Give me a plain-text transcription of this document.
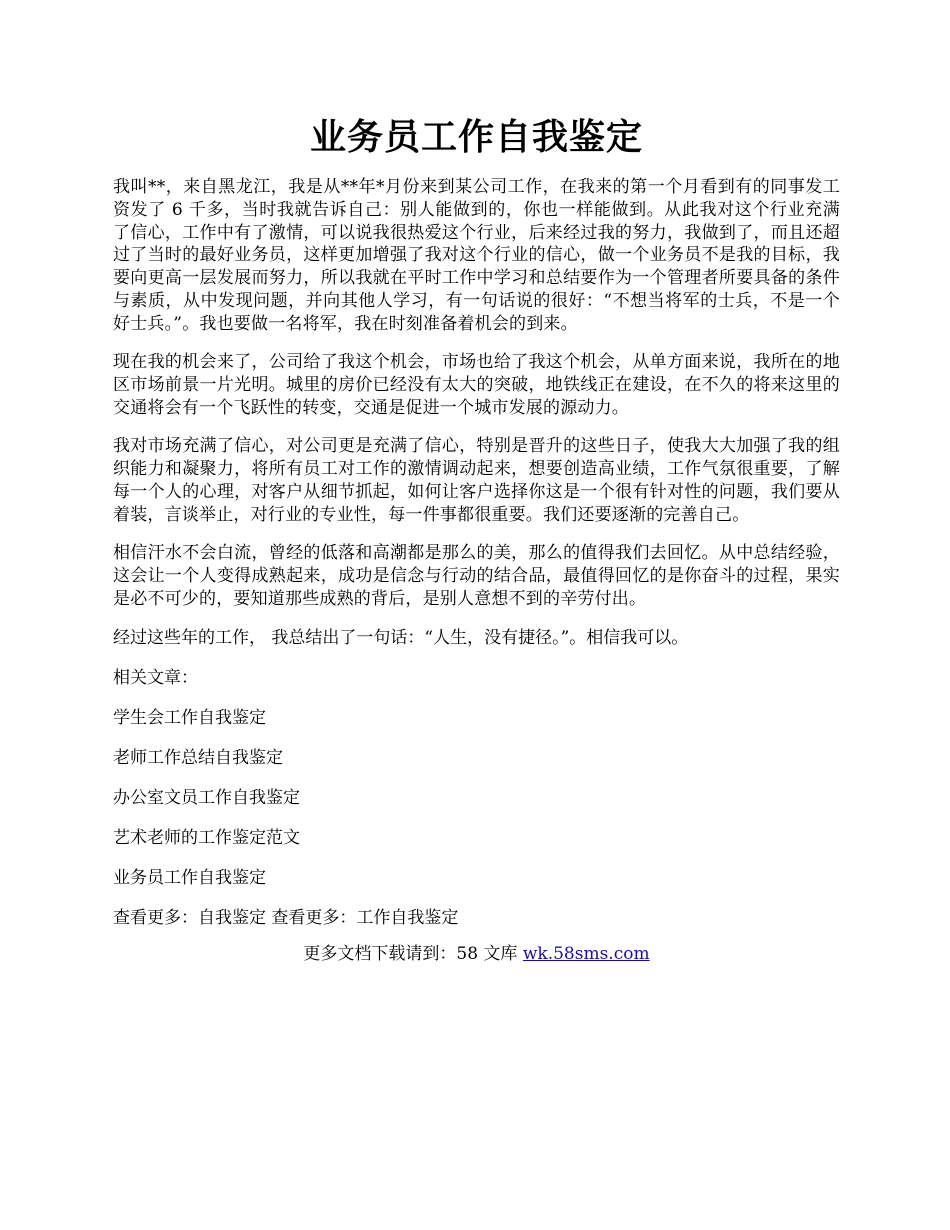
业务员工作自我鉴定

我叫**，来自黑龙江，我是从**年*月份来到某公司工作，在我来的第一个月看到有的同事发工资发了 6 千多，当时我就告诉自己：别人能做到的，你也一样能做到。从此我对这个行业充满了信心，工作中有了激情，可以说我很热爱这个行业，后来经过我的努力，我做到了，而且还超过了当时的最好业务员，这样更加增强了我对这个行业的信心，做一个业务员不是我的目标，我要向更高一层发展而努力，所以我就在平时工作中学习和总结要作为一个管理者所要具备的条件与素质，从中发现问题，并向其他人学习，有一句话说的很好：“不想当将军的士兵，不是一个好士兵。”。我也要做一名将军，我在时刻准备着机会的到来。

现在我的机会来了，公司给了我这个机会，市场也给了我这个机会，从单方面来说，我所在的地区市场前景一片光明。城里的房价已经没有太大的突破，地铁线正在建设，在不久的将来这里的交通将会有一个飞跃性的转变，交通是促进一个城市发展的源动力。

我对市场充满了信心，对公司更是充满了信心，特别是晋升的这些日子，使我大大加强了我的组织能力和凝聚力，将所有员工对工作的激情调动起来，想要创造高业绩，工作气氛很重要，了解每一个人的心理，对客户从细节抓起，如何让客户选择你这是一个很有针对性的问题，我们要从着装，言谈举止，对行业的专业性，每一件事都很重要。我们还要逐渐的完善自己。

相信汗水不会白流，曾经的低落和高潮都是那么的美，那么的值得我们去回忆。从中总结经验，这会让一个人变得成熟起来，成功是信念与行动的结合品，最值得回忆的是你奋斗的过程，果实是必不可少的，要知道那些成熟的背后，是别人意想不到的辛劳付出。

经过这些年的工作， 我总结出了一句话：“人生，没有捷径。”。相信我可以。

相关文章：

学生会工作自我鉴定
老师工作总结自我鉴定
办公室文员工作自我鉴定
艺术老师的工作鉴定范文
业务员工作自我鉴定
查看更多：自我鉴定 查看更多：工作自我鉴定
更多文档下载请到：58 文库 wk.58sms.com
